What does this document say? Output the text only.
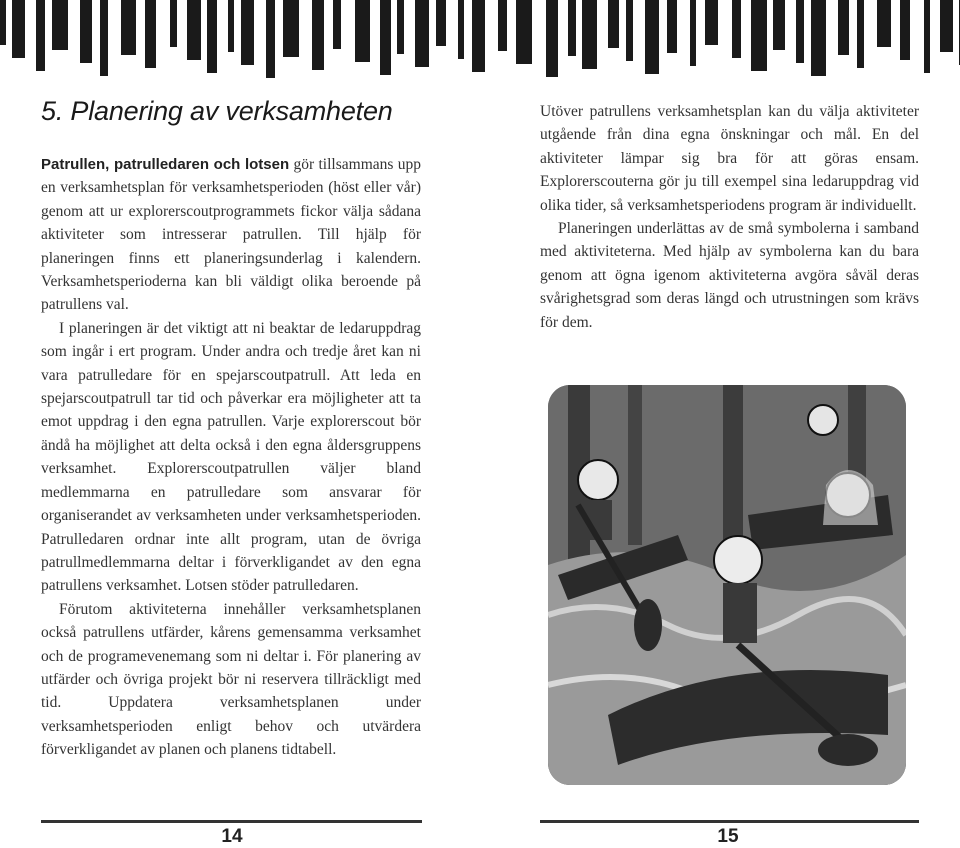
5. Planering av verksamheten

Patrullen, patrulledaren och lotsen gör tillsammans upp en verksamhetsplan för verksamhetsperioden (höst eller vår) genom att ur explorerscoutprogrammets fickor välja sådana aktiviteter som intresserar patrullen. Till hjälp för planeringen finns ett planeringsunderlag i kalendern. Verksamhetsperioderna kan bli väldigt olika beroende på patrullens val.

I planeringen är det viktigt att ni beaktar de ledaruppdrag som ingår i ert program. Under andra och tredje året kan ni vara patrulledare för en spejarscoutpatrull. Att leda en spejarscoutpatrull tar tid och påverkar era möjligheter att ta emot uppdrag i den egna patrullen. Varje explorerscout bör ändå ha möjlighet att delta också i den egna åldersgruppens verksamhet. Explorerscoutpatrullen väljer bland medlemmarna en patrulledare som ansvarar för organiserandet av verksamheten under verksamhetsperioden. Patrulledaren ordnar inte allt program, utan de övriga patrullmedlemmarna deltar i förverkligandet av den egna patrullens verksamhet. Lotsen stöder patrulledaren.

Förutom aktiviteterna innehåller verksamhetsplanen också patrullens utfärder, kårens gemensamma verksamhet och de programevenemang som ni deltar i. För planering av utfärder och övriga projekt bör ni reservera tillräckligt med tid. Uppdatera verksamhetsplanen under verksamhetsperioden enligt behov och utvärdera förverkligandet av planen och planens tidtabell.

Utöver patrullens verksamhetsplan kan du välja aktiviteter utgående från dina egna önskningar och mål. En del aktiviteter lämpar sig bra för att göras ensam. Explorerscouterna gör ju till exempel sina ledaruppdrag vid olika tider, så verksamhetsperiodens program är individuellt.

Planeringen underlättas av de små symbolerna i samband med aktiviteterna. Med hjälp av symbolerna kan du bara genom att ögna igenom aktiviteterna avgöra såväl deras svårighetsgrad som deras längd och utrustningen som krävs för dem.

14	15
